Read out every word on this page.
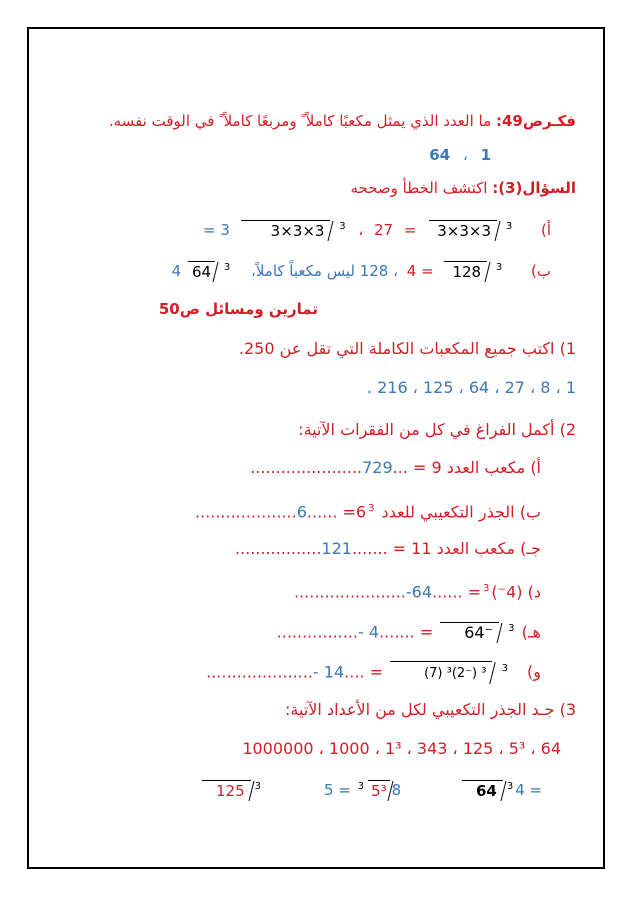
فكـرص49: ما العدد الذي يمثل مكعبًا كاملاً ً ومربعًا كاملاً ً في الوقت نفسه.
1 ، 64
السؤال(3): اكتشف الخطأ وصححه
أ) $^3$ 3×3×3 = 27 ، $^3$ 3×3×3 3 =
ب) $^3$ 128 = 4 ، 128 ليس مكعباً كاملاً، $^3$ 64 4
تمارين ومسائل ص50
1) اكتب جميع المكعبات الكاملة التي تقل عن 250.
1 ، 8 ، 27 ، 64 ، 125 ، 216 .
2) أكمل الفراغ في كل من الفقرات الآتية:
أ) مكعب العدد 9 = ...729......................
ب) الجذر التكعيبي للعدد $6^3= ......6$....................
جـ) مكعب العدد 11 = .......121.................
د) $(4^-)^3= ......64-$......................
هـ) $^3$ 64⁻ = .......4 -................
و) $^3$ (7) ³(2⁻) ³ = ....14 -.....................
3) جـد الجذر التكعيبي لكل من الأعداد الآتية:
64 ، 5³ ، 125 ، 343 ، 1³ ، 1000 ، 1000000
125 $^3$	5 = $^3$ 5³ 8	64 $^3$ 4 =
